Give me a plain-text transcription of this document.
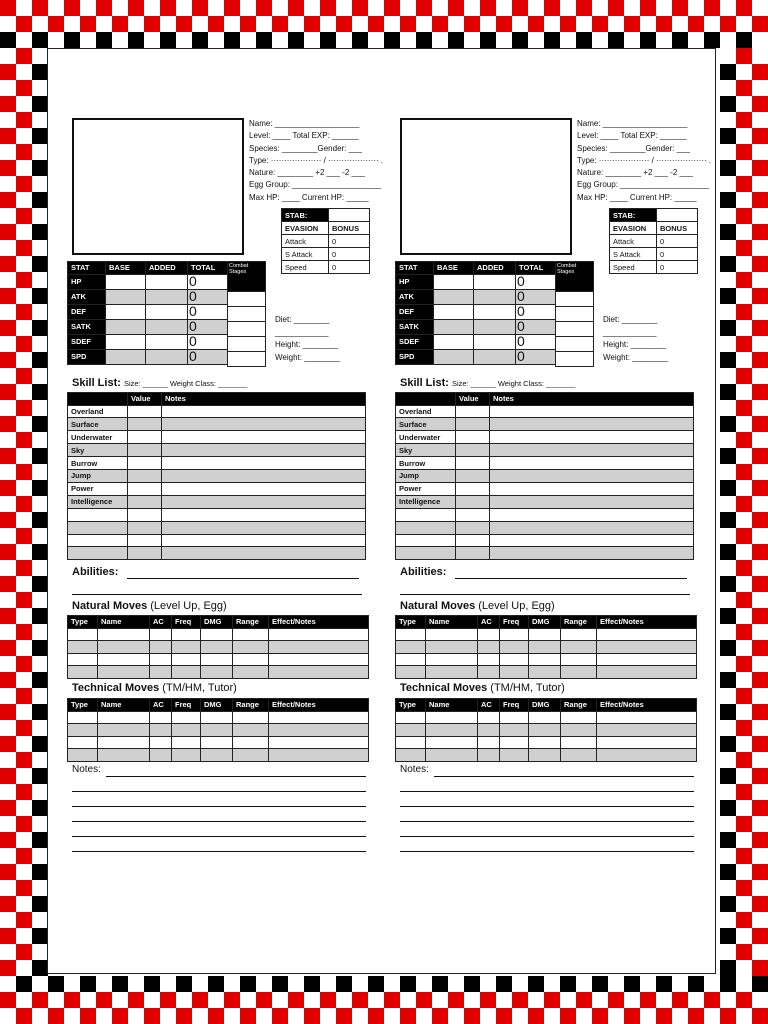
Name: ___________________
Level: ____ Total EXP: ______
Species: ________Gender: ___
Type: ··················· / ··················· .
Nature: ________ +2 ___ -2 ___
Egg Group: ____________________
Max HP: ____ Current HP: _____
STAB:	
EVASION	BONUS
Attack	0
S Attack	0
Speed	0
STAT	BASE	ADDED	TOTAL
HP			0
ATK			0
DEF			0
SATK			0
SDEF			0
SPD			0
Combat Stages

Diet: ________
____________
Height: ________
Weight: ________
Skill List: Size: ______ Weight Class: _______
	Value	Notes
Overland		
Surface		
Underwater		
Sky		
Burrow		
Jump		
Power		
Intelligence		

Abilities:
Natural Moves (Level Up, Egg)
Type	Name	AC	Freq	DMG	Range	Effect/Notes

Technical Moves (TM/HM, Tutor)
Type	Name	AC	Freq	DMG	Range	Effect/Notes

Notes:
Name: ___________________
Level: ____ Total EXP: ______
Species: ________Gender: ___
Type: ··················· / ··················· .
Nature: ________ +2 ___ -2 ___
Egg Group: ____________________
Max HP: ____ Current HP: _____
STAB:	
EVASION	BONUS
Attack	0
S Attack	0
Speed	0
STAT	BASE	ADDED	TOTAL
HP			0
ATK			0
DEF			0
SATK			0
SDEF			0
SPD			0
Combat Stages

Diet: ________
____________
Height: ________
Weight: ________
Skill List: Size: ______ Weight Class: _______
	Value	Notes
Overland		
Surface		
Underwater		
Sky		
Burrow		
Jump		
Power		
Intelligence		

Abilities:
Natural Moves (Level Up, Egg)
Type	Name	AC	Freq	DMG	Range	Effect/Notes

Technical Moves (TM/HM, Tutor)
Type	Name	AC	Freq	DMG	Range	Effect/Notes

Notes:
